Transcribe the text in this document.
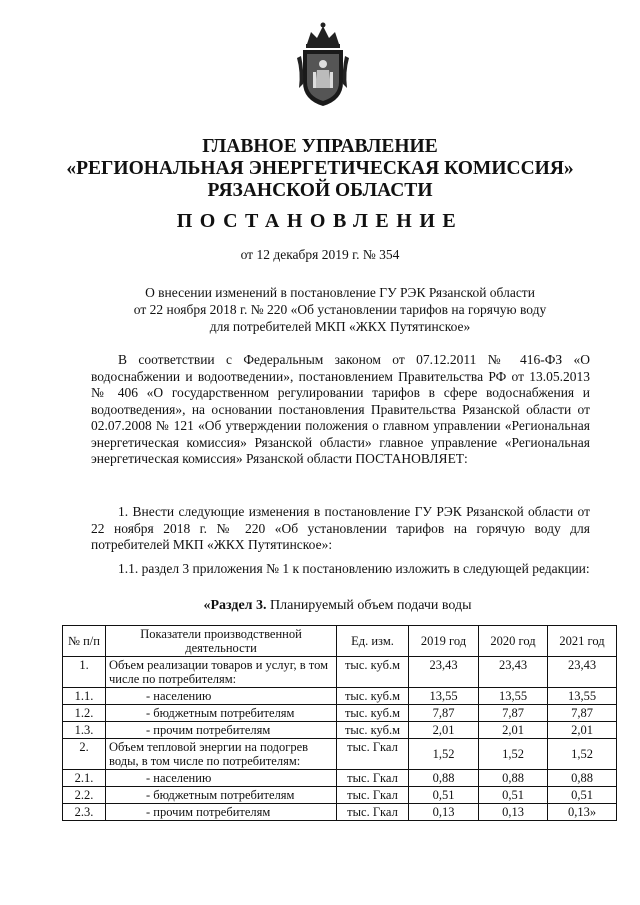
ГЛАВНОЕ УПРАВЛЕНИЕ
«РЕГИОНАЛЬНАЯ ЭНЕРГЕТИЧЕСКАЯ КОМИССИЯ»
РЯЗАНСКОЙ ОБЛАСТИ
ПОСТАНОВЛЕНИЕ
от 12 декабря 2019 г. № 354
О внесении изменений в постановление ГУ РЭК Рязанской области
от 22 ноября 2018 г. № 220 «Об установлении тарифов на горячую воду
для потребителей МКП «ЖКХ Путятинское»
В соответствии с Федеральным законом от 07.12.2011 № 416-ФЗ «О водоснабжении и водоотведении», постановлением Правительства РФ от 13.05.2013 № 406 «О государственном регулировании тарифов в сфере водоснабжения и водоотведения», на основании постановления Правительства Рязанской области от 02.07.2008 № 121 «Об утверждении положения о главном управлении «Региональная энергетическая комиссия» Рязанской области» главное управление «Региональная энергетическая комиссия» Рязанской области ПОСТАНОВЛЯЕТ:
1. Внести следующие изменения в постановление ГУ РЭК Рязанской области от 22 ноября 2018 г. № 220 «Об установлении тарифов на горячую воду для потребителей МКП «ЖКХ Путятинское»:
1.1. раздел 3 приложения № 1 к постановлению изложить в следующей редакции:
«Раздел 3. Планируемый объем подачи воды
№ п/п	Показатели производственной деятельности	Ед. изм.	2019 год	2020 год	2021 год
1.	Объем реализации товаров и услуг, в том числе по потребителям:	тыс. куб.м	23,43	23,43	23,43
1.1.	- населению	тыс. куб.м	13,55	13,55	13,55
1.2.	- бюджетным потребителям	тыс. куб.м	7,87	7,87	7,87
1.3.	- прочим потребителям	тыс. куб.м	2,01	2,01	2,01
2.	Объем тепловой энергии на подогрев воды, в том числе по потребителям:	тыс. Гкал	1,52	1,52	1,52
2.1.	- населению	тыс. Гкал	0,88	0,88	0,88
2.2.	- бюджетным потребителям	тыс. Гкал	0,51	0,51	0,51
2.3.	- прочим потребителям	тыс. Гкал	0,13	0,13	0,13»
